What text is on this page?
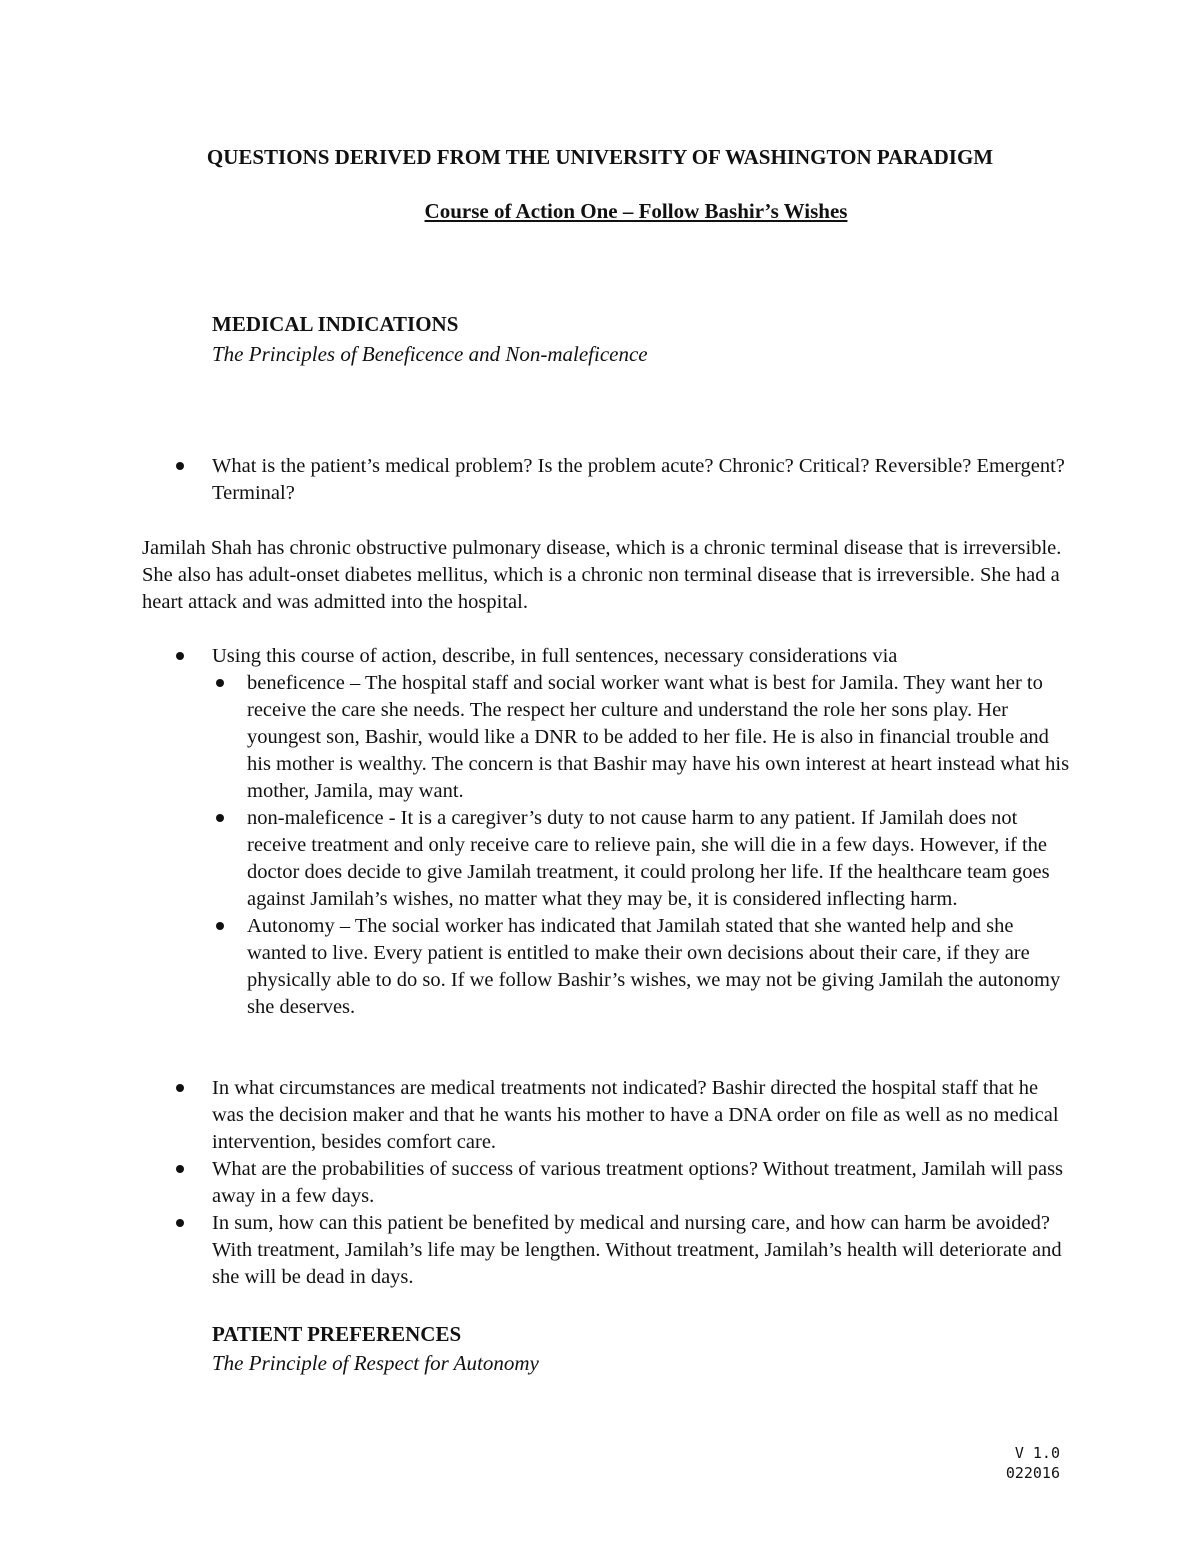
QUESTIONS DERIVED FROM THE UNIVERSITY OF WASHINGTON PARADIGM
Course of Action One – Follow Bashir’s Wishes
MEDICAL INDICATIONS

The Principles of Beneficence and Non-maleficence

What is the patient’s medical problem? Is the problem acute? Chronic? Critical? Reversible? Emergent? Terminal?

Jamilah Shah has chronic obstructive pulmonary disease, which is a chronic terminal disease that is irreversible. She also has adult-onset diabetes mellitus, which is a chronic non terminal disease that is irreversible. She had a heart attack and was admitted into the hospital.

Using this course of action, describe, in full sentences, necessary considerations via
beneficence – The hospital staff and social worker want what is best for Jamila. They want her to receive the care she needs. The respect her culture and understand the role her sons play. Her youngest son, Bashir, would like a DNR to be added to her file. He is also in financial trouble and his mother is wealthy. The concern is that Bashir may have his own interest at heart instead what his mother, Jamila, may want.
non-maleficence - It is a caregiver’s duty to not cause harm to any patient. If Jamilah does not receive treatment and only receive care to relieve pain, she will die in a few days. However, if the doctor does decide to give Jamilah treatment, it could prolong her life. If the healthcare team goes against Jamilah’s wishes, no matter what they may be, it is considered inflecting harm.
Autonomy – The social worker has indicated that Jamilah stated that she wanted help and she wanted to live. Every patient is entitled to make their own decisions about their care, if they are physically able to do so. If we follow Bashir’s wishes, we may not be giving Jamilah the autonomy she deserves.
In what circumstances are medical treatments not indicated? Bashir directed the hospital staff that he was the decision maker and that he wants his mother to have a DNA order on file as well as no medical intervention, besides comfort care.
What are the probabilities of success of various treatment options? Without treatment, Jamilah will pass away in a few days.
In sum, how can this patient be benefited by medical and nursing care, and how can harm be avoided? With treatment, Jamilah’s life may be lengthen. Without treatment, Jamilah’s health will deteriorate and she will be dead in days.
PATIENT PREFERENCES

The Principle of Respect for Autonomy

V 1.0
022016
